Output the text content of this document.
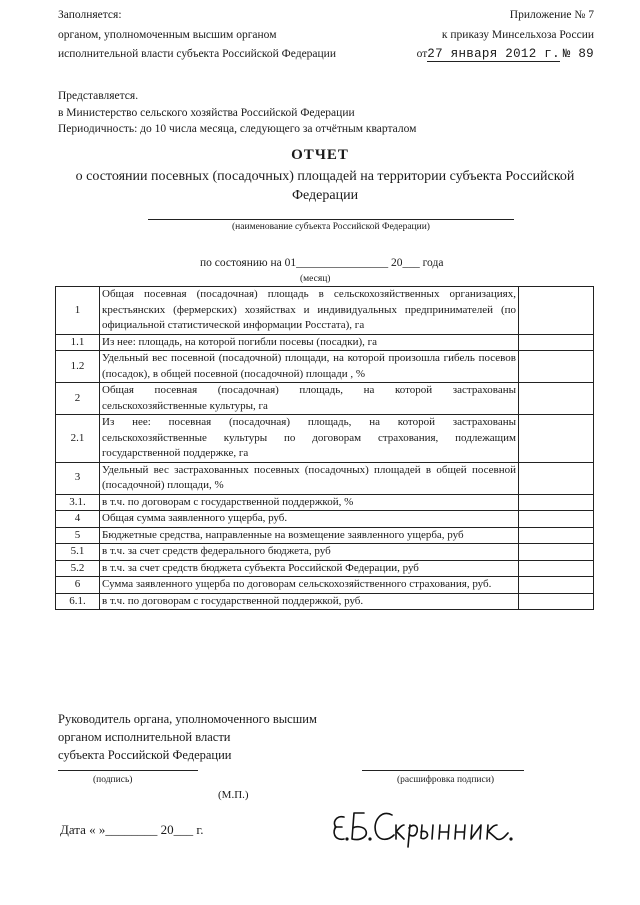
Заполняется:
органом, уполномоченным высшим органом
исполнительной власти субъекта Российской Федерации
Приложение № 7
к приказу Минсельхоза России
от27 января 2012 г. № 89
Представляется.
в Министерство сельского хозяйства Российской Федерации
Периодичность: до 10 числа месяца, следующего за отчётным кварталом
ОТЧЕТ
о состоянии посевных (посадочных) площадей на территории субъекта Российской Федерации
(наименование субъекта Российской Федерации)
по состоянию на 01________________ 20___ года
(месяц)
1	Общая посевная (посадочная) площадь в сельскохозяйственных организациях, крестьянских (фермерских) хозяйствах и индивидуальных предпринимателей (по официальной статистической информации Росстата), га	
1.1	Из нее: площадь, на которой погибли посевы (посадки), га	
1.2	Удельный вес посевной (посадочной) площади, на которой произошла гибель посевов (посадок), в общей посевной (посадочной) площади , %	
2	Общая посевная (посадочная) площадь, на которой застрахованы сельскохозяйственные культуры, га	
2.1	Из нее: посевная (посадочная) площадь, на которой застрахованы сельскохозяйственные культуры по договорам страхования, подлежащим государственной поддержке, га	
3	Удельный вес застрахованных посевных (посадочных) площадей в общей посевной (посадочной) площади, %	
3.1.	в т.ч. по договорам с государственной поддержкой, %	
4	Общая сумма заявленного ущерба, руб.	
5	Бюджетные средства, направленные на возмещение заявленного ущерба, руб	
5.1	в т.ч. за счет средств федерального бюджета, руб	
5.2	в т.ч. за счет средств бюджета субъекта Российской Федерации, руб	
6	Сумма заявленного ущерба по договорам сельскохозяйственного страхования, руб.	
6.1.	в т.ч. по договорам с государственной поддержкой, руб.	
Руководитель органа, уполномоченного высшим
органом исполнительной власти
субъекта Российской Федерации
(подпись)	(расшифровка подписи)
(М.П.)
Дата « »________ 20___ г.
